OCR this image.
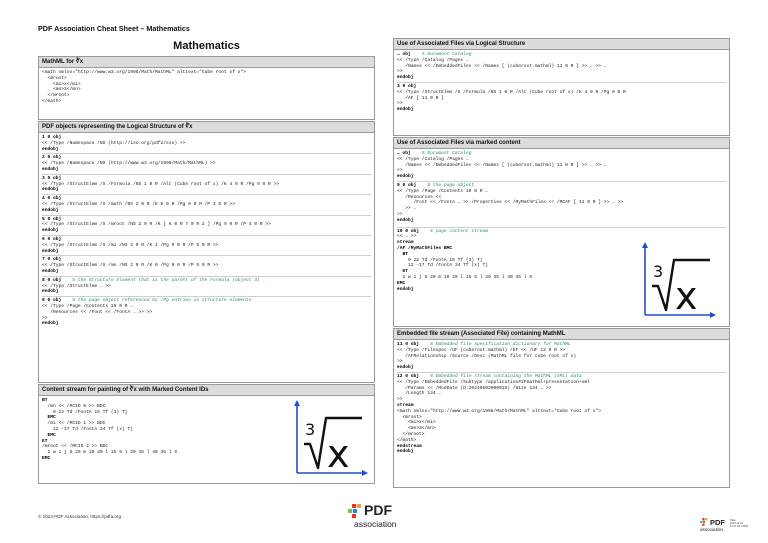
PDF Association Cheat Sheet – Mathematics
Mathematics
MathML for ∛x
<math xmlns="http://www.w3.org/1998/Math/MathML" alttext="Cube root of x">
<mroot>
<mi>x</mi>
<mn>3</mn>
</mroot>
</math>
PDF objects representing the Logical Structure of ∛x
1 0 obj
<< /Type /Namespace /NS (http://iso.org/pdf2/ssn) >>
endobj
2 0 obj
<< /Type /Namespace /NS (http://www.w3.org/1998/Math/MathML) >>
endobj
3 0 obj
<< /Type /StructElem /S /Formula /NS 1 0 R /Alt (Cube root of x) /K 4 0 R /Pg 9 0 R >>
endobj
4 0 obj
<< /Type /StructElem /S /math /NS 2 0 R /K 5 0 R /Pg 9 0 R /P 3 0 R >>
endobj
5 0 obj
<< /Type /StructElem /S /mroot /NS 2 0 R /K [ 6 0 R 7 0 R 2 ] /Pg 9 0 R /P 4 0 R >>
endobj
6 0 obj
<< /Type /StructElem /S /mi /NS 2 0 R /K 1 /Pg 9 0 R /P 5 0 R >>
endobj
7 0 obj
<< /Type /StructElem /S /mn /NS 2 0 R /K 0 /Pg 9 0 R /P 5 0 R >>
endobj
8 0 obj % the Structure Element that is the parent of the Formula (object 3)
<< /Type /StructElem … >>
endobj
9 0 obj % the page object referenced by /Pg entries in structure elements
<< /Type /Page /Contents 10 0 R …
/Resources << /Font << /FontA … >> >>
>>
endobj
Content stream for painting of ∛x with Marked Content IDs
BT
/mn << /MCID 0 >> BDC
0 22 Td /FontA 15 Tf (3) Tj
EMC
/mi << /MCID 1 >> BDC
12 -17 Td /FontA 34 Tf (x) Tj
EMC
ET
/mroot << /MCID 2 >> BDC
2 w 1 j 5 20 m 10 20 l 15 5 l 20 35 l 40 35 l S
EMC
3
x
Use of Associated Files via Logical Structure
… obj % Document Catalog
<< /Type /Catalog /Pages …
/Names << /EmbeddedFiles << /Names [ (cuberoot.mathml) 11 0 R ] >> … >> …
>>
endobj
3 0 obj
<< /Type /StructElem /S /Formula /NS 1 0 R /Alt (Cube root of x) /K 4 0 R /Pg 9 0 R
/AF [ 11 0 R ]
>>
endobj
Use of Associated Files via marked content
… obj % Document Catalog
<< /Type /Catalog /Pages …
/Names << /EmbeddedFiles << /Names [ (cuberoot.mathml) 11 0 R ] >> … >> …
>>
endobj
9 0 obj % the page object
<< /Type /Page /Contents 10 0 R …
/Resources <<
/Font << /FontA … >> /Properties << /MyMathFiles << /MCAF [ 11 0 R ] >> … >>
>> …
>>
endobj
10 0 obj % page content stream
<< … >>
stream
/AF /MyMathFiles BMC
BT
0 22 Td /FontA 15 Tf (3) Tj
12 -17 Td /FontA 34 Tf (x) Tj
ET
2 w 1 j 5 20 m 10 20 l 15 5 l 20 35 l 40 35 l S
EMC
endobj
3
x
Embedded file stream (Associated File) containing MathML
11 0 obj % Embedded file specification dictionary for MathML
<< /Type /Filespec /UF (cuberoot.mathml) /EF << /UF 12 0 R >>
/AFRelationship /Source /Desc (MathML file for cube root of x)
>>
endobj
12 0 obj % Embedded file stream containing the MathML (XML) data
<< /Type /EmbeddedFile /Subtype /application#2Fmathml+presentation+xml
/Params << /ModDate (D:20240502000016) /Size 134 … >>
/Length 134 …
>>
stream
<math xmlns="http://www.w3.org/1998/Math/MathML" alttext="Cube root of x">
<mroot>
<mi>x</mi>
<mn>3</mn>
</mroot>
</math>
endstream
endobj
© 2024 PDF Association, https://pdfa.org	PDF
association	PDF
association
Date:
2024.10.23
12.37.34 +0530
